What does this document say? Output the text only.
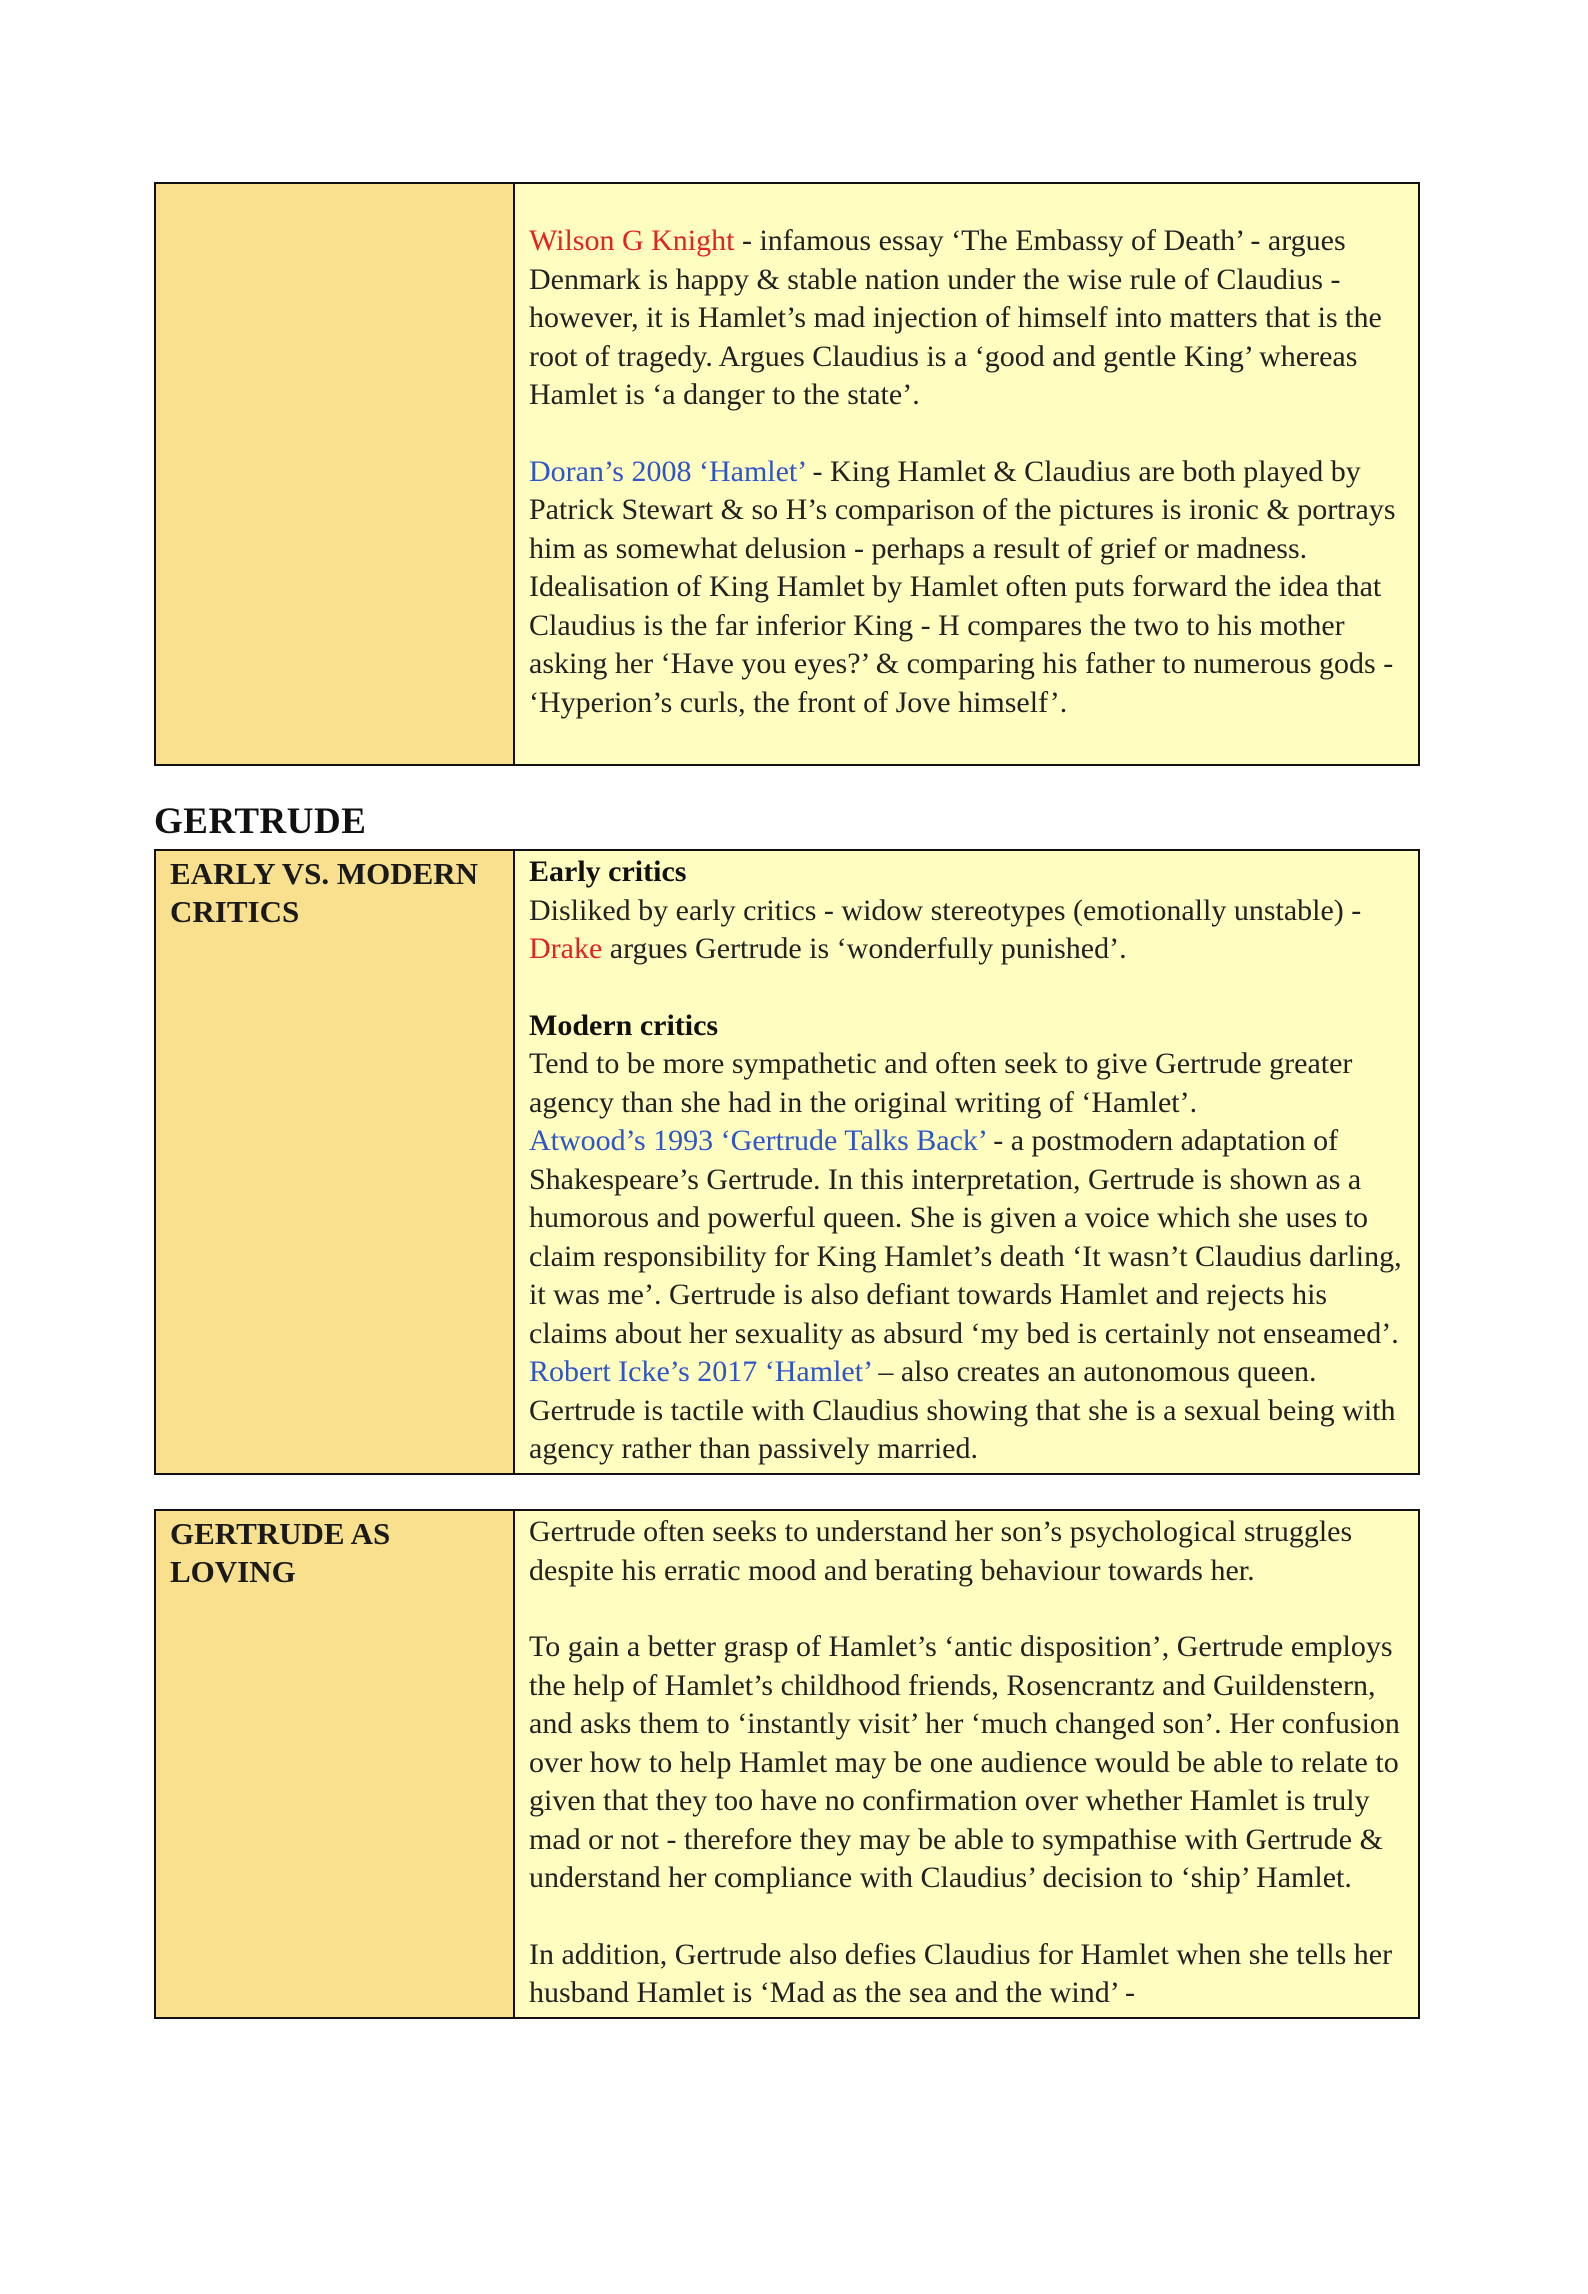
Wilson G Knight - infamous essay ‘The Embassy of Death’ - argues Denmark is happy & stable nation under the wise rule of Claudius - however, it is Hamlet’s mad injection of himself into matters that is the root of tragedy. Argues Claudius is a ‘good and gentle King’ whereas Hamlet is ‘a danger to the state’.

Doran’s 2008 ‘Hamlet’ - King Hamlet & Claudius are both played by Patrick Stewart & so H’s comparison of the pictures is ironic & portrays him as somewhat delusion - perhaps a result of grief or madness. Idealisation of King Hamlet by Hamlet often puts forward the idea that Claudius is the far inferior King - H compares the two to his mother asking her ‘Have you eyes?’ & comparing his father to numerous gods - ‘Hyperion’s curls, the front of Jove himself’.

GERTRUDE
EARLY VS. MODERN CRITICS

Early critics

Disliked by early critics - widow stereotypes (emotionally unstable) - Drake argues Gertrude is ‘wonderfully punished’.

Modern critics

Tend to be more sympathetic and often seek to give Gertrude greater agency than she had in the original writing of ‘Hamlet’.

Atwood’s 1993 ‘Gertrude Talks Back’ - a postmodern adaptation of Shakespeare’s Gertrude. In this interpretation, Gertrude is shown as a humorous and powerful queen. She is given a voice which she uses to claim responsibility for King Hamlet’s death ‘It wasn’t Claudius darling, it was me’. Gertrude is also defiant towards Hamlet and rejects his claims about her sexuality as absurd ‘my bed is certainly not enseamed’.

Robert Icke’s 2017 ‘Hamlet’ – also creates an autonomous queen. Gertrude is tactile with Claudius showing that she is a sexual being with agency rather than passively married.

GERTRUDE AS LOVING

Gertrude often seeks to understand her son’s psychological struggles despite his erratic mood and berating behaviour towards her.

To gain a better grasp of Hamlet’s ‘antic disposition’, Gertrude employs the help of Hamlet’s childhood friends, Rosencrantz and Guildenstern, and asks them to ‘instantly visit’ her ‘much changed son’. Her confusion over how to help Hamlet may be one audience would be able to relate to given that they too have no confirmation over whether Hamlet is truly mad or not - therefore they may be able to sympathise with Gertrude & understand her compliance with Claudius’ decision to ‘ship’ Hamlet.

In addition, Gertrude also defies Claudius for Hamlet when she tells her husband Hamlet is ‘Mad as the sea and the wind’ -
